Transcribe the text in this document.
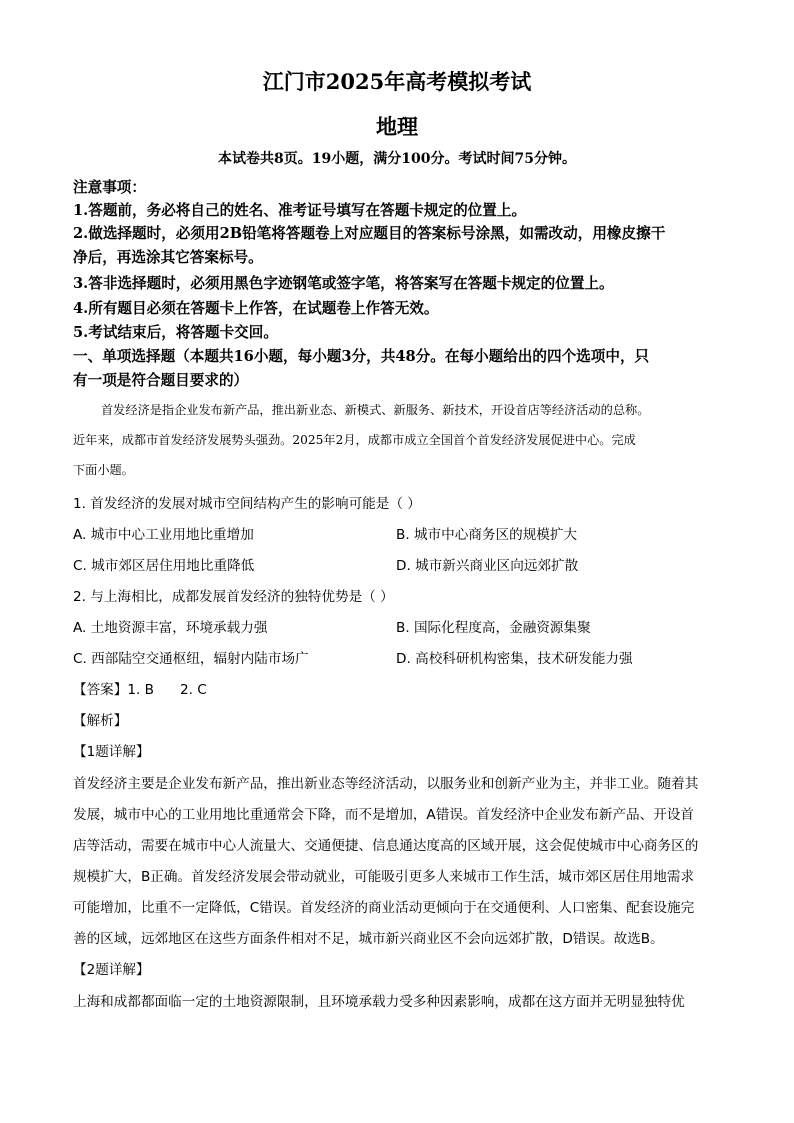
江门市2025年高考模拟考试
地理
本试卷共8页。19小题，满分100分。考试时间75分钟。
注意事项：
1.答题前，务必将自己的姓名、准考证号填写在答题卡规定的位置上。
2.做选择题时，必须用2B铅笔将答题卷上对应题目的答案标号涂黑，如需改动，用橡皮擦干
净后，再选涂其它答案标号。
3.答非选择题时，必须用黑色字迹钢笔或签字笔，将答案写在答题卡规定的位置上。
4.所有题目必须在答题卡上作答，在试题卷上作答无效。
5.考试结束后，将答题卡交回。
一、单项选择题（本题共16小题，每小题3分，共48分。在每小题给出的四个选项中，只
有一项是符合题目要求的）
首发经济是指企业发布新产品，推出新业态、新模式、新服务、新技术，开设首店等经济活动的总称。
近年来，成都市首发经济发展势头强劲。2025年2月，成都市成立全国首个首发经济发展促进中心。完成
下面小题。
1. 首发经济的发展对城市空间结构产生的影响可能是（ ）
A. 城市中心工业用地比重增加	B. 城市中心商务区的规模扩大
C. 城市郊区居住用地比重降低	D. 城市新兴商业区向远郊扩散
2. 与上海相比，成都发展首发经济的独特优势是（ ）
A. 土地资源丰富，环境承载力强	B. 国际化程度高，金融资源集聚
C. 西部陆空交通枢纽，辐射内陆市场广	D. 高校科研机构密集，技术研发能力强
【答案】1. B 2. C
【解析】
【1题详解】
首发经济主要是企业发布新产品，推出新业态等经济活动，以服务业和创新产业为主，并非工业。随着其
发展，城市中心的工业用地比重通常会下降，而不是增加，A错误。首发经济中企业发布新产品、开设首
店等活动，需要在城市中心人流量大、交通便捷、信息通达度高的区域开展，这会促使城市中心商务区的
规模扩大，B正确。首发经济发展会带动就业，可能吸引更多人来城市工作生活，城市郊区居住用地需求
可能增加，比重不一定降低，C错误。首发经济的商业活动更倾向于在交通便利、人口密集、配套设施完
善的区域，远郊地区在这些方面条件相对不足，城市新兴商业区不会向远郊扩散，D错误。故选B。
【2题详解】
上海和成都都面临一定的土地资源限制，且环境承载力受多种因素影响，成都在这方面并无明显独特优
